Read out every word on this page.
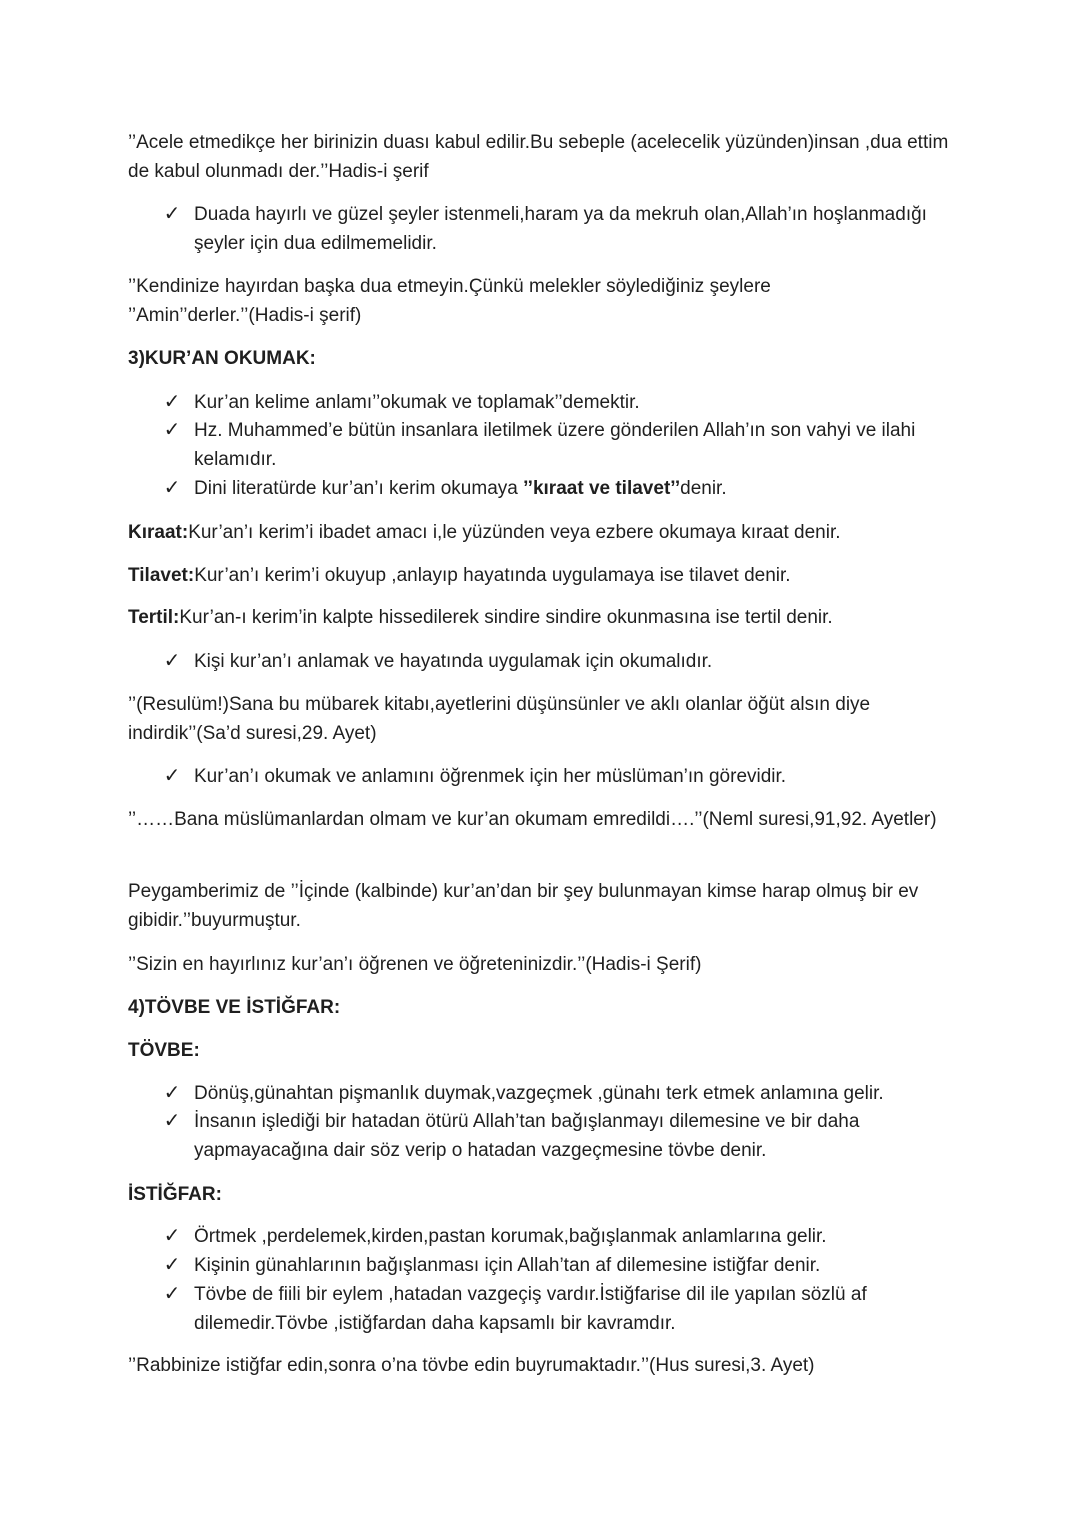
’’Acele etmedikçe her birinizin duası kabul edilir.Bu sebeple (acelecelik yüzünden)insan ,dua ettim de kabul olunmadı der.’’Hadis-i şerif

✓ Duada hayırlı ve güzel şeyler istenmeli,haram ya da mekruh olan,Allah’ın hoşlanmadığı şeyler için dua edilmemelidir.

’’Kendinize hayırdan başka dua etmeyin.Çünkü melekler söylediğiniz şeylere
’’Amin’’derler.’’(Hadis-i şerif)

3)KUR’AN OKUMAK:

✓ Kur’an kelime anlamı’’okumak ve toplamak’’demektir.

✓ Hz. Muhammed’e bütün insanlara iletilmek üzere gönderilen Allah’ın son vahyi ve ilahi kelamıdır.

✓ Dini literatürde kur’an’ı kerim okumaya ’’kıraat ve tilavet’’denir.

Kıraat:Kur’an’ı kerim’i ibadet amacı i,le yüzünden veya ezbere okumaya kıraat denir.

Tilavet:Kur’an’ı kerim’i okuyup ,anlayıp hayatında uygulamaya ise tilavet denir.

Tertil:Kur’an-ı kerim’in kalpte hissedilerek sindire sindire okunmasına ise tertil denir.

✓ Kişi kur’an’ı anlamak ve hayatında uygulamak için okumalıdır.

’’(Resulüm!)Sana bu mübarek kitabı,ayetlerini düşünsünler ve aklı olanlar öğüt alsın diye indirdik’’(Sa’d suresi,29. Ayet)

✓ Kur’an’ı okumak ve anlamını öğrenmek için her müslüman’ın görevidir.

’’……Bana müslümanlardan olmam ve kur’an okumam emredildi….’’(Neml suresi,91,92. Ayetler)

Peygamberimiz de ’’İçinde (kalbinde) kur’an’dan bir şey bulunmayan kimse harap olmuş bir ev gibidir.’’buyurmuştur.

’’Sizin en hayırlınız kur’an’ı öğrenen ve öğreteninizdir.’’(Hadis-i Şerif)

4)TÖVBE VE İSTİĞFAR:

TÖVBE:

✓ Dönüş,günahtan pişmanlık duymak,vazgeçmek ,günahı terk etmek anlamına gelir.

✓ İnsanın işlediği bir hatadan ötürü Allah’tan bağışlanmayı dilemesine ve bir daha yapmayacağına dair söz verip o hatadan vazgeçmesine tövbe denir.

İSTİĞFAR:

✓ Örtmek ,perdelemek,kirden,pastan korumak,bağışlanmak anlamlarına gelir.

✓ Kişinin günahlarının bağışlanması için Allah’tan af dilemesine istiğfar denir.

✓ Tövbe de fiili bir eylem ,hatadan vazgeçiş vardır.İstiğfarise dil ile yapılan sözlü af dilemedir.Tövbe ,istiğfardan daha kapsamlı bir kavramdır.

’’Rabbinize istiğfar edin,sonra o’na tövbe edin buyrumaktadır.’’(Hus suresi,3. Ayet)
